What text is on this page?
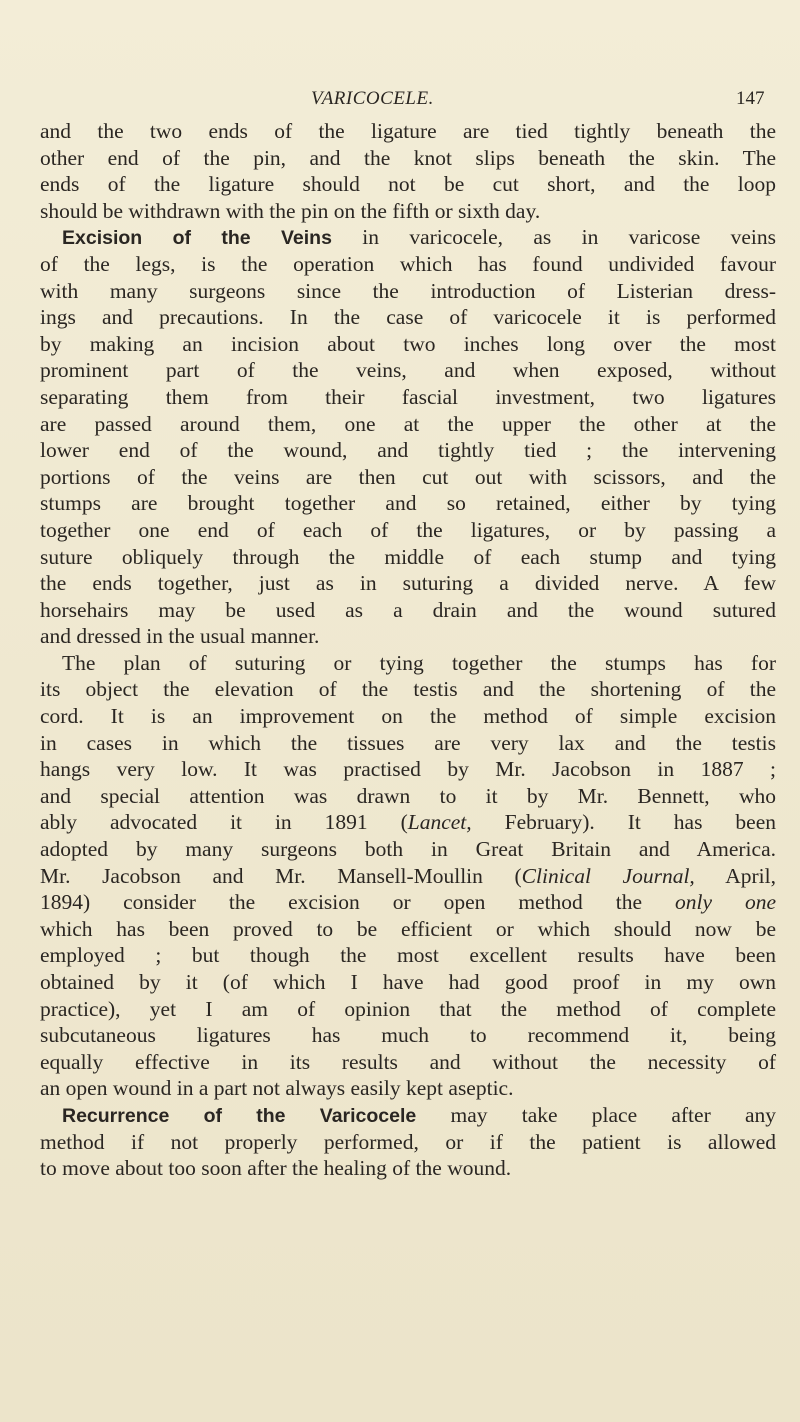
VARICOCELE.	147
and the two ends of the ligature are tied tightly beneath the
other end of the pin, and the knot slips beneath the skin. The
ends of the ligature should not be cut short, and the loop
should be withdrawn with the pin on the fifth or sixth day.
Excision of the Veins in varicocele, as in varicose veins
of the legs, is the operation which has found undivided favour
with many surgeons since the introduction of Listerian dress-
ings and precautions. In the case of varicocele it is performed
by making an incision about two inches long over the most
prominent part of the veins, and when exposed, without
separating them from their fascial investment, two ligatures
are passed around them, one at the upper the other at the
lower end of the wound, and tightly tied ; the intervening
portions of the veins are then cut out with scissors, and the
stumps are brought together and so retained, either by tying
together one end of each of the ligatures, or by passing a
suture obliquely through the middle of each stump and tying
the ends together, just as in suturing a divided nerve. A few
horsehairs may be used as a drain and the wound sutured
and dressed in the usual manner.
The plan of suturing or tying together the stumps has for
its object the elevation of the testis and the shortening of the
cord. It is an improvement on the method of simple excision
in cases in which the tissues are very lax and the testis
hangs very low. It was practised by Mr. Jacobson in 1887 ;
and special attention was drawn to it by Mr. Bennett, who
ably advocated it in 1891 (Lancet, February). It has been
adopted by many surgeons both in Great Britain and America.
Mr. Jacobson and Mr. Mansell-Moullin (Clinical Journal, April,
1894) consider the excision or open method the only one
which has been proved to be efficient or which should now be
employed ; but though the most excellent results have been
obtained by it (of which I have had good proof in my own
practice), yet I am of opinion that the method of complete
subcutaneous ligatures has much to recommend it, being
equally effective in its results and without the necessity of
an open wound in a part not always easily kept aseptic.
Recurrence of the Varicocele may take place after any
method if not properly performed, or if the patient is allowed
to move about too soon after the healing of the wound.
